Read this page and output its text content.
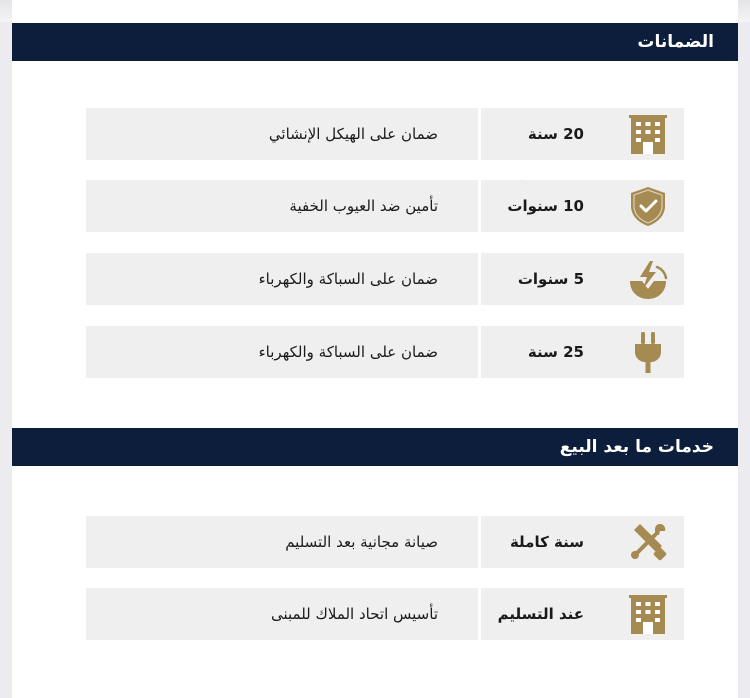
الضمانات
ضمان على الهيكل الإنشائي	20 سنة
تأمين ضد العيوب الخفية	10 سنوات
ضمان على السباكة والكهرباء	5 سنوات
ضمان على السباكة والكهرباء	25 سنة
خدمات ما بعد البيع
صيانة مجانية بعد التسليم	سنة كاملة
تأسيس اتحاد الملاك للمبنى	عند التسليم
